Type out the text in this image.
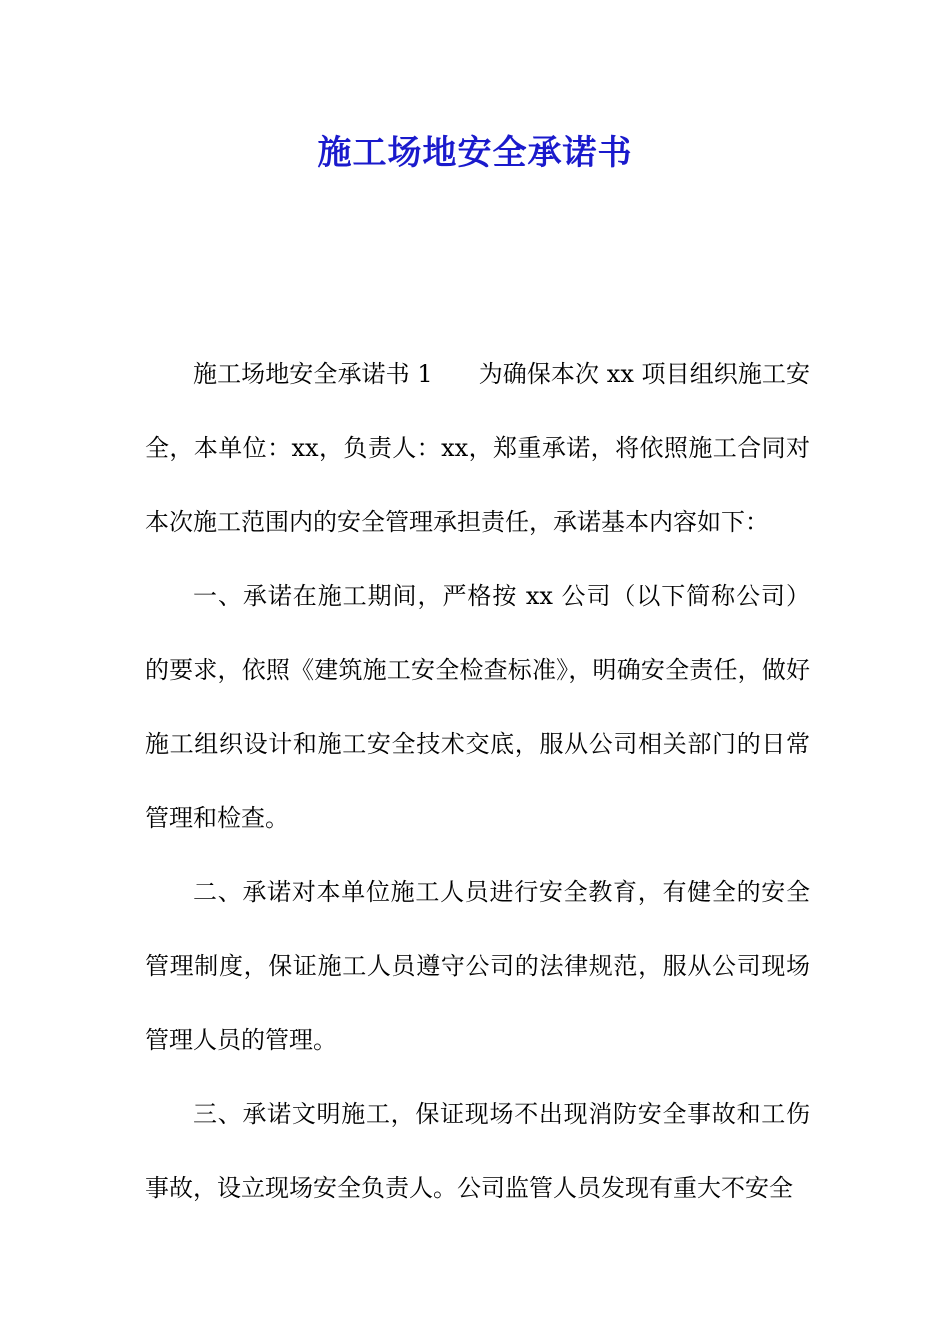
施工场地安全承诺书

施工场地安全承诺书 1 为确保本次 xx 项目组织施工安全，本单位：xx，负责人：xx，郑重承诺，将依照施工合同对本次施工范围内的安全管理承担责任，承诺基本内容如下：

一、承诺在施工期间，严格按 xx 公司（以下简称公司）的要求，依照《建筑施工安全检查标准》，明确安全责任，做好施工组织设计和施工安全技术交底，服从公司相关部门的日常管理和检查。

二、承诺对本单位施工人员进行安全教育，有健全的安全管理制度，保证施工人员遵守公司的法律规范，服从公司现场管理人员的管理。

三、承诺文明施工，保证现场不出现消防安全事故和工伤事故，设立现场安全负责人。公司监管人员发现有重大不安全
